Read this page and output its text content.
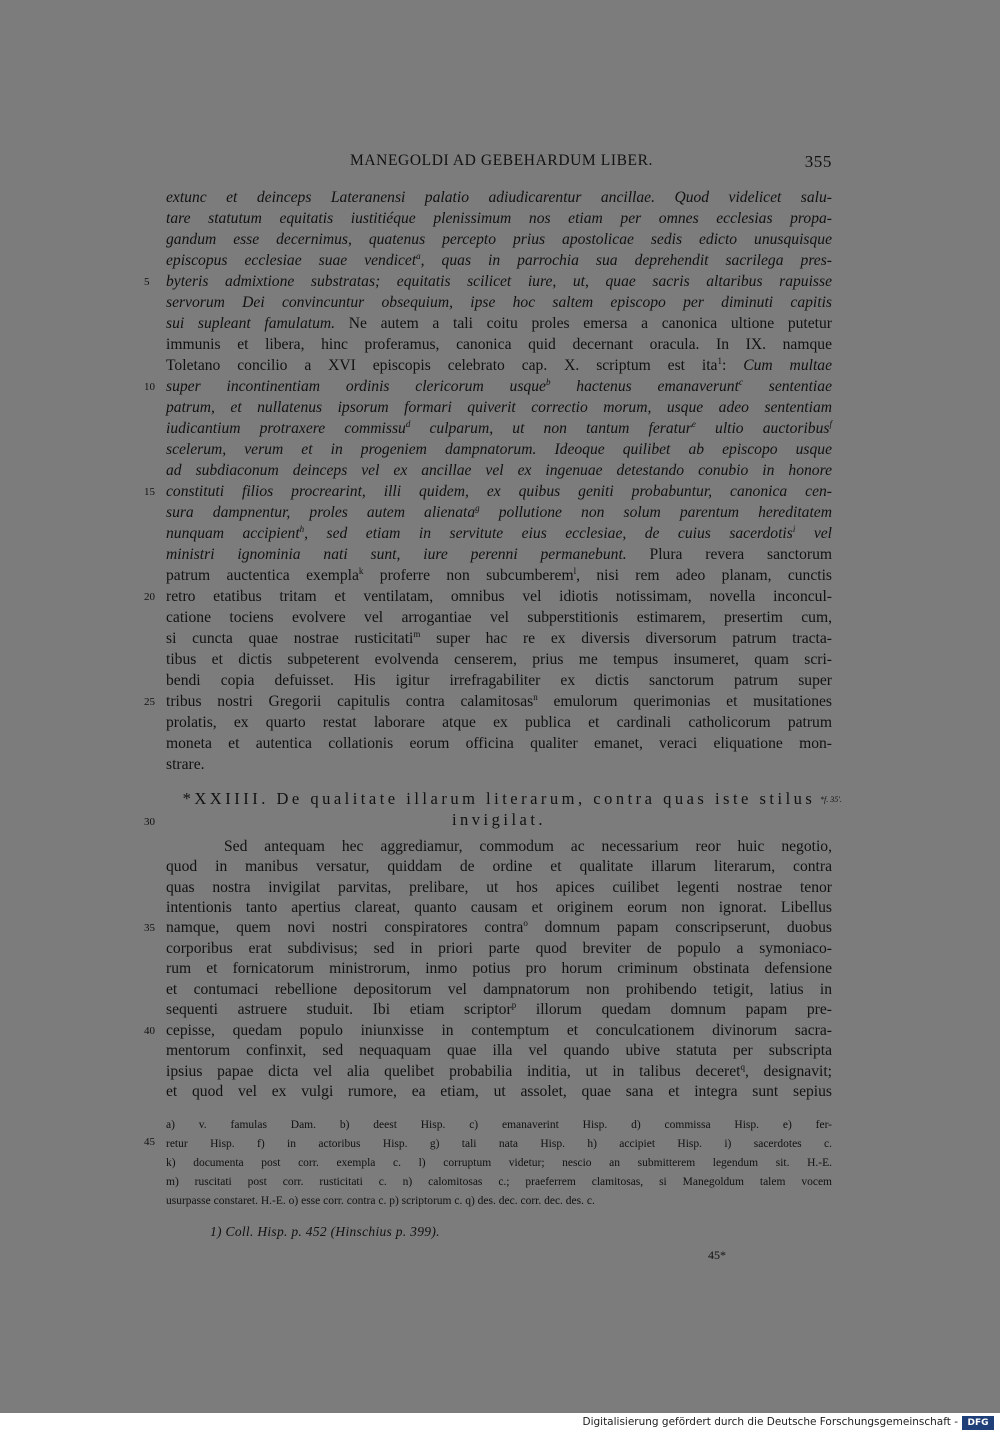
MANEGOLDI AD GEBEHARDUM LIBER.	355
extunc et deinceps Lateranensi palatio adiudicarentur ancillae. Quod videlicet salu-
tare statutum equitatis iustitiéque plenissimum nos etiam per omnes ecclesias propa-
gandum esse decernimus, quatenus percepto prius apostolicae sedis edicto unusquisque
episcopus ecclesiae suae vendicet$^a$, quas in parrochia sua deprehendit sacrilega pres-
byteris admixtione substratas; equitatis scilicet iure, ut, quae sacris altaribus rapuisse
servorum Dei convincuntur obsequium, ipse hoc saltem episcopo per diminuti capitis
sui supleant famulatum. Ne autem a tali coitu proles emersa a canonica ultione putetur
immunis et libera, hinc proferamus, canonica quid decernant oracula. In IX. namque
Toletano concilio a XVI episcopis celebrato cap. X. scriptum est ita$^1$: Cum multae
super incontinentiam ordinis clericorum usque$^b$ hactenus emanaverunt$^c$ sententiae
patrum, et nullatenus ipsorum formari quiverit correctio morum, usque adeo sententiam
iudicantium protraxere commissu$^d$ culparum, ut non tantum feratur$^e$ ultio auctoribus$^f$
scelerum, verum et in progeniem dampnatorum. Ideoque quilibet ab episcopo usque
ad subdiaconum deinceps vel ex ancillae vel ex ingenuae detestando conubio in honore
constituti filios procrearint, illi quidem, ex quibus geniti probabuntur, canonica cen-
sura dampnentur, proles autem alienata$^g$ pollutione non solum parentum hereditatem
nunquam accipient$^h$, sed etiam in servitute eius ecclesiae, de cuius sacerdotis$^i$ vel
ministri ignominia nati sunt, iure perenni permanebunt. Plura revera sanctorum
patrum auctentica exempla$^k$ proferre non subcumberem$^l$, nisi rem adeo planam, cunctis
retro etatibus tritam et ventilatam, omnibus vel idiotis notissimam, novella inconcul-
catione tociens evolvere vel arrogantiae vel subperstitionis estimarem, presertim cum,
si cuncta quae nostrae rusticitati$^m$ super hac re ex diversis diversorum patrum tracta-
tibus et dictis subpeterent evolvenda censerem, prius me tempus insumeret, quam scri-
bendi copia defuisset. His igitur irrefragabiliter ex dictis sanctorum patrum super
tribus nostri Gregorii capitulis contra calamitosas$^n$ emulorum querimonias et musitationes
prolatis, ex quarto restat laborare atque ex publica et cardinali catholicorum patrum
moneta et autentica collationis eorum officina qualiter emanet, veraci eliquatione mon-
strare.
*XXIIII. De qualitate illarum literarum, contra quas iste stilus
invigilat.
*f. 35'.
Sed antequam hec aggrediamur, commodum ac necessarium reor huic negotio,
quod in manibus versatur, quiddam de ordine et qualitate illarum literarum, contra
quas nostra invigilat parvitas, prelibare, ut hos apices cuilibet legenti nostrae tenor
intentionis tanto apertius clareat, quanto causam et originem eorum non ignorat. Libellus
namque, quem novi nostri conspiratores contra$^o$ domnum papam conscripserunt, duobus
corporibus erat subdivisus; sed in priori parte quod breviter de populo a symoniaco-
rum et fornicatorum ministrorum, inmo potius pro horum criminum obstinata defensione
et contumaci rebellione depositorum vel dampnatorum non prohibendo tetigit, latius in
sequenti astruere studuit. Ibi etiam scriptor$^p$ illorum quedam domnum papam pre-
cepisse, quedam populo iniunxisse in contemptum et conculcationem divinorum sacra-
mentorum confinxit, sed nequaquam quae illa vel quando ubive statuta per subscripta
ipsius papae dicta vel alia quelibet probabilia inditia, ut in talibus deceret$^q$, designavit;
et quod vel ex vulgi rumore, ea etiam, ut assolet, quae sana et integra sunt sepius
5
10
15
20
25
30
35
40
45
a) v. famulas Dam. b) deest Hisp. c) emanaverint Hisp. d) commissa Hisp. e) fer-
retur Hisp. f) in actoribus Hisp. g) tali nata Hisp. h) accipiet Hisp. i) sacerdotes c.
k) documenta post corr. exempla c. l) corruptum videtur; nescio an submitterem legendum sit. H.-E.
m) ruscitati post corr. rusticitati c. n) calomitosas c.; praeferrem clamitosas, si Manegoldum talem vocem
usurpasse constaret. H.-E. o) esse corr. contra c. p) scriptorum c. q) des. dec. corr. dec. des. c.
1) Coll. Hisp. p. 452 (Hinschius p. 399).
45*
Digitalisierung gefördert durch die Deutsche Forschungsgemeinschaft -	DFG
